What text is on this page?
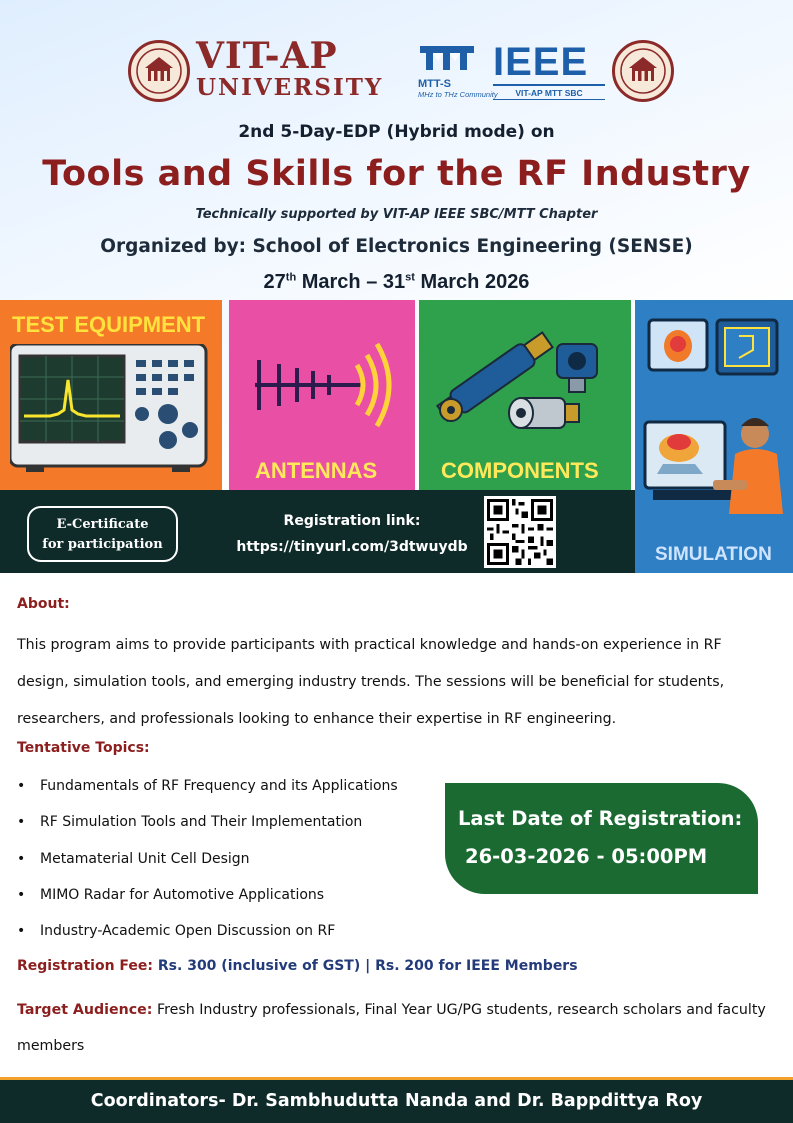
VIT-AP
UNIVERSITY	MTT-S
MHz to THz Community
IEEE
VIT-AP MTT SBC
2nd 5-Day-EDP (Hybrid mode) on
Tools and Skills for the RF Industry
Technically supported by VIT-AP IEEE SBC/MTT Chapter
Organized by: School of Electronics Engineering (SENSE)
27th March – 31st March 2026
TEST EQUIPMENT
ANTENNAS	COMPONENTS
SIMULATION
E-Certificate
for participation
Registration link:
https://tinyurl.com/3dtwuydb
About:
This program aims to provide participants with practical knowledge and hands-on experience in RF design, simulation tools, and emerging industry trends. The sessions will be beneficial for students, researchers, and professionals looking to enhance their expertise in RF engineering.
Tentative Topics:
• Fundamentals of RF Frequency and its Applications
• RF Simulation Tools and Their Implementation
• Metamaterial Unit Cell Design
• MIMO Radar for Automotive Applications
• Industry-Academic Open Discussion on RF
Last Date of Registration:
26-03-2026 - 05:00PM
Registration Fee: Rs. 300 (inclusive of GST) | Rs. 200 for IEEE Members
Target Audience: Fresh Industry professionals, Final Year UG/PG students, research scholars and faculty members
Coordinators- Dr. Sambhudutta Nanda and Dr. Bappdittya Roy
